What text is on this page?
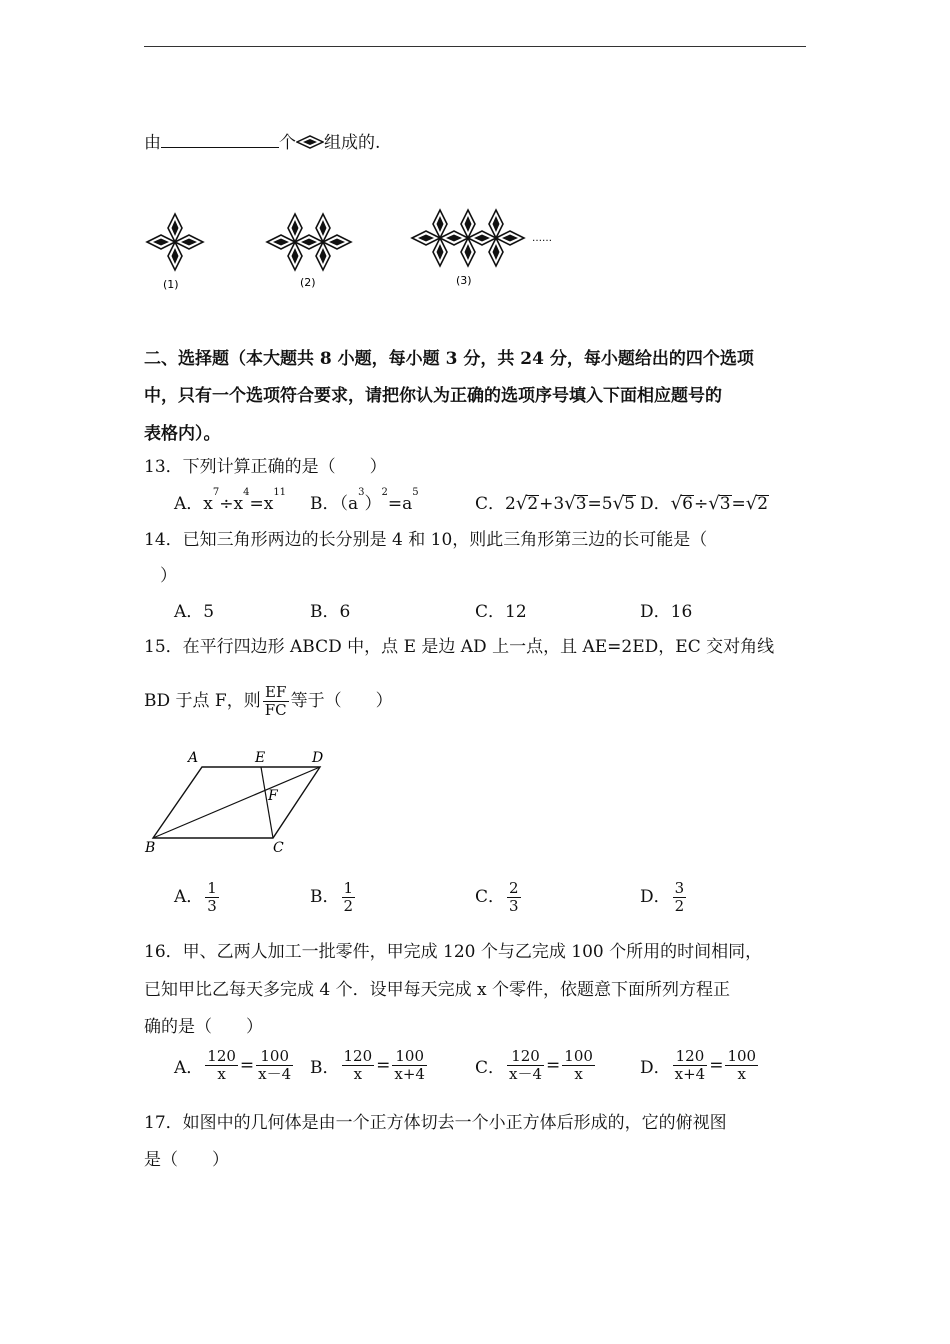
由	个 组成的.
……
(1)	(2)	(3)
二、选择题（本大题共 8 小题，每小题 3 分，共 24 分，每小题给出的四个选项
中，只有一个选项符合要求，请把你认为正确的选项序号填入下面相应题号的
表格内）。
13．下列计算正确的是（　　）
A．$x^7\div x^4=x^{11}$
B．$(a^3)^2=a^5$
C．2√2+3√3=5√5 D．√6÷√3=√2
14．已知三角形两边的长分别是 4 和 10，则此三角形第三边的长可能是（
）
A．5	B．6	C．12	D．16
15．在平行四边形 ABCD 中，点 E 是边 AD 上一点，且 AE=2ED，EC 交对角线
BD 于点 F，则 $\frac{EF}{FC}$ 等于（　　）
A	E	D
F
B	C
A． $\frac{1}{3}$	B． $\frac{1}{2}$	C． $\frac{2}{3}$	D． $\frac{3}{2}$
16．甲、乙两人加工一批零件，甲完成 120 个与乙完成 100 个所用的时间相同，
已知甲比乙每天多完成 4 个．设甲每天完成 x 个零件，依题意下面所列方程正
确的是（　　）
A． $\frac{120}{x} = \frac{100}{x-4}$ B． $\frac{120}{x} = \frac{100}{x+4}$	C． $\frac{120}{x-4} = \frac{100}{x}$	D． $\frac{120}{x+4} = \frac{100}{x}$
17．如图中的几何体是由一个正方体切去一个小正方体后形成的，它的俯视图
是（　　）
